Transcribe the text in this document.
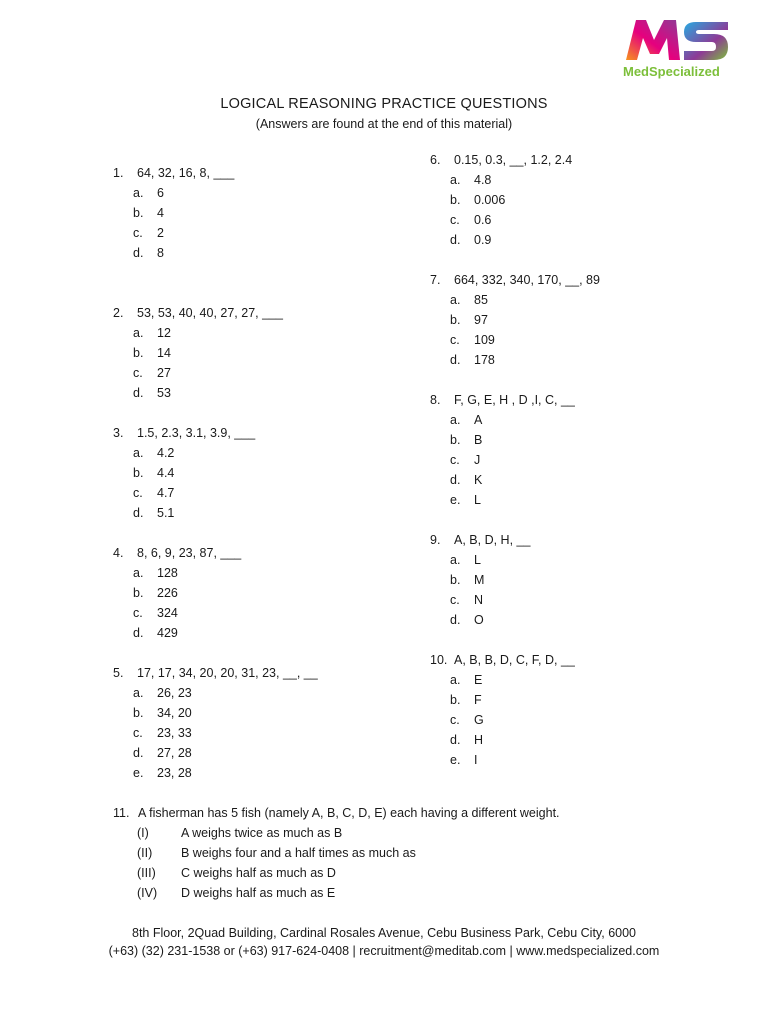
MedSpecialized
LOGICAL REASONING PRACTICE QUESTIONS
(Answers are found at the end of this material)
1.	64, 32, 16, 8, ___
a.	6
b.	4
c.	2
d.	8
2.	53, 53, 40, 40, 27, 27, ___
a.	12
b.	14
c.	27
d.	53
3.	1.5, 2.3, 3.1, 3.9, ___
a.	4.2
b.	4.4
c.	4.7
d.	5.1
4.	8, 6, 9, 23, 87, ___
a.	128
b.	226
c.	324
d.	429
5.	17, 17, 34, 20, 20, 31, 23, __, __
a.	26, 23
b.	34, 20
c.	23, 33
d.	27, 28
e.	23, 28
6.	0.15, 0.3, __, 1.2, 2.4
a.	4.8
b.	0.006
c.	0.6
d.	0.9
7.	664, 332, 340, 170, __, 89
a.	85
b.	97
c.	109
d.	178
8.	F, G, E, H , D ,I, C, __
a.	A
b.	B
c.	J
d.	K
e.	L
9.	A, B, D, H, __
a.	L
b.	M
c.	N
d.	O
10. A, B, B, D, C, F, D, __
a.	E
b.	F
c.	G
d.	H
e.	I
11. A fisherman has 5 fish (namely A, B, C, D, E) each having a different weight.
(I)	A weighs twice as much as B
(II)	B weighs four and a half times as much as
(III)	C weighs half as much as D
(IV)	D weighs half as much as E
8th Floor, 2Quad Building, Cardinal Rosales Avenue, Cebu Business Park, Cebu City, 6000
(+63) (32) 231-1538 or (+63) 917-624-0408 | recruitment@meditab.com | www.medspecialized.com
